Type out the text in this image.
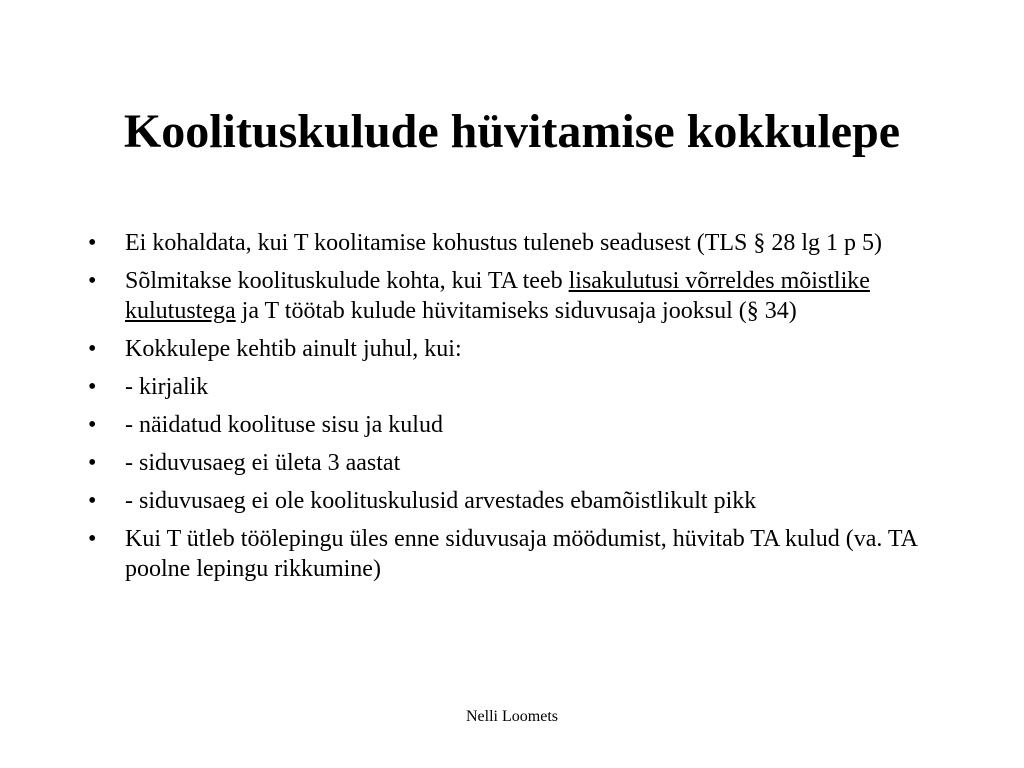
Koolituskulude hüvitamise kokkulepe
•	Ei kohaldata, kui T koolitamise kohustus tuleneb seadusest (TLS § 28 lg 1 p 5)
•	Sõlmitakse koolituskulude kohta, kui TA teeb lisakulutusi võrreldes mõistlike kulutustega ja T töötab kulude hüvitamiseks siduvusaja jooksul (§ 34)
•	Kokkulepe kehtib ainult juhul, kui:
•	- kirjalik
•	- näidatud koolituse sisu ja kulud
•	- siduvusaeg ei ületa 3 aastat
•	- siduvusaeg ei ole koolituskulusid arvestades ebamõistlikult pikk
•	Kui T ütleb töölepingu üles enne siduvusaja möödumist, hüvitab TA kulud (va. TA poolne lepingu rikkumine)
Nelli Loomets
